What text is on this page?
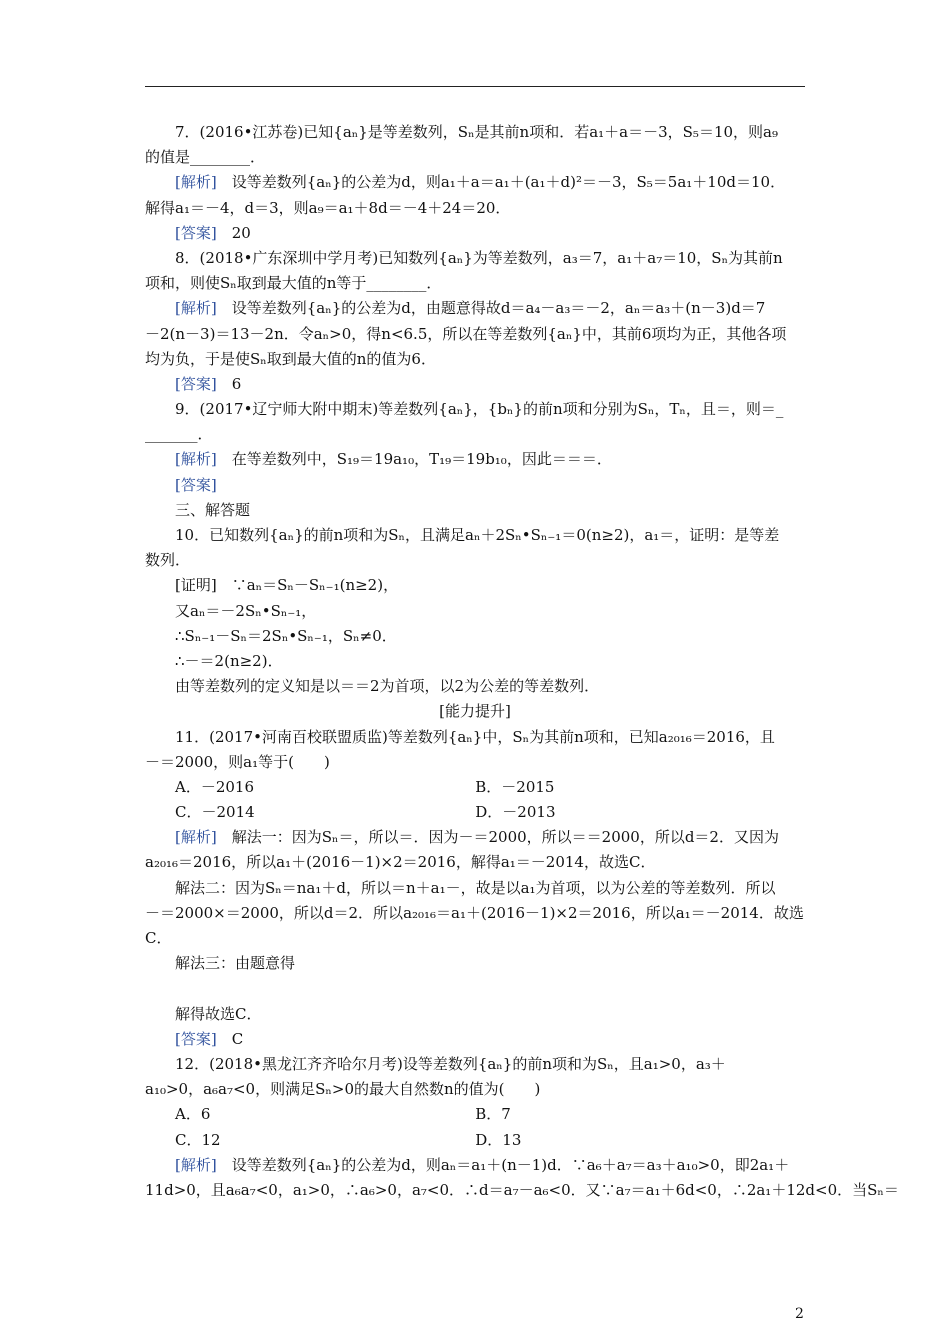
7．(2016•江苏卷)已知{aₙ}是等差数列，Sₙ是其前n项和．若a₁＋a＝－3，S₅＝10，则a₉
的值是________．
[解析]　设等差数列{aₙ}的公差为d，则a₁＋a＝a₁＋(a₁＋d)²＝－3，S₅＝5a₁＋10d＝10．
解得a₁＝－4，d＝3，则a₉＝a₁＋8d＝－4＋24＝20．
[答案]　20
8．(2018•广东深圳中学月考)已知数列{aₙ}为等差数列，a₃＝7，a₁＋a₇＝10，Sₙ为其前n
项和，则使Sₙ取到最大值的n等于________．
[解析]　设等差数列{aₙ}的公差为d，由题意得故d＝a₄－a₃＝－2，aₙ＝a₃＋(n－3)d＝7
－2(n－3)＝13－2n．令aₙ>0，得n<6.5，所以在等差数列{aₙ}中，其前6项均为正，其他各项
均为负，于是使Sₙ取到最大值的n的值为6．
[答案]　6
9．(2017•辽宁师大附中期末)等差数列{aₙ}，{bₙ}的前n项和分别为Sₙ，Tₙ，且＝，则＝_
_______．
[解析]　在等差数列中，S₁₉＝19a₁₀，T₁₉＝19b₁₀，因此＝＝＝．
[答案]
三、解答题
10．已知数列{aₙ}的前n项和为Sₙ，且满足aₙ＋2Sₙ•Sₙ₋₁＝0(n≥2)，a₁＝，证明：是等差
数列．
[证明]　∵aₙ＝Sₙ－Sₙ₋₁(n≥2)，
又aₙ＝－2Sₙ•Sₙ₋₁，
∴Sₙ₋₁－Sₙ＝2Sₙ•Sₙ₋₁，Sₙ≠0．
∴－＝2(n≥2)．
由等差数列的定义知是以＝＝2为首项，以2为公差的等差数列．
[能力提升]
11．(2017•河南百校联盟质监)等差数列{aₙ}中，Sₙ为其前n项和，已知a₂₀₁₆＝2016，且
－＝2000，则a₁等于(　　)
A．－2016	B．－2015
C．－2014	D．－2013
[解析]　解法一：因为Sₙ＝，所以＝．因为－＝2000，所以＝＝2000，所以d＝2．又因为
a₂₀₁₆＝2016，所以a₁＋(2016－1)×2＝2016，解得a₁＝－2014，故选C．
解法二：因为Sₙ＝na₁＋d，所以＝n＋a₁－，故是以a₁为首项，以为公差的等差数列．所以
－＝2000×＝2000，所以d＝2．所以a₂₀₁₆＝a₁＋(2016－1)×2＝2016，所以a₁＝－2014．故选
C．
解法三：由题意得
解得故选C．
[答案]　C
12．(2018•黑龙江齐齐哈尔月考)设等差数列{aₙ}的前n项和为Sₙ，且a₁>0，a₃＋
a₁₀>0，a₆a₇<0，则满足Sₙ>0的最大自然数n的值为(　　)
A．6	B．7
C．12	D．13
[解析]　设等差数列{aₙ}的公差为d，则aₙ＝a₁＋(n－1)d．∵a₆＋a₇＝a₃＋a₁₀>0，即2a₁＋
11d>0，且a₆a₇<0，a₁>0，∴a₆>0，a₇<0．∴d＝a₇－a₆<0．又∵a₇＝a₁＋6d<0，∴2a₁＋12d<0．当Sₙ＝
2
